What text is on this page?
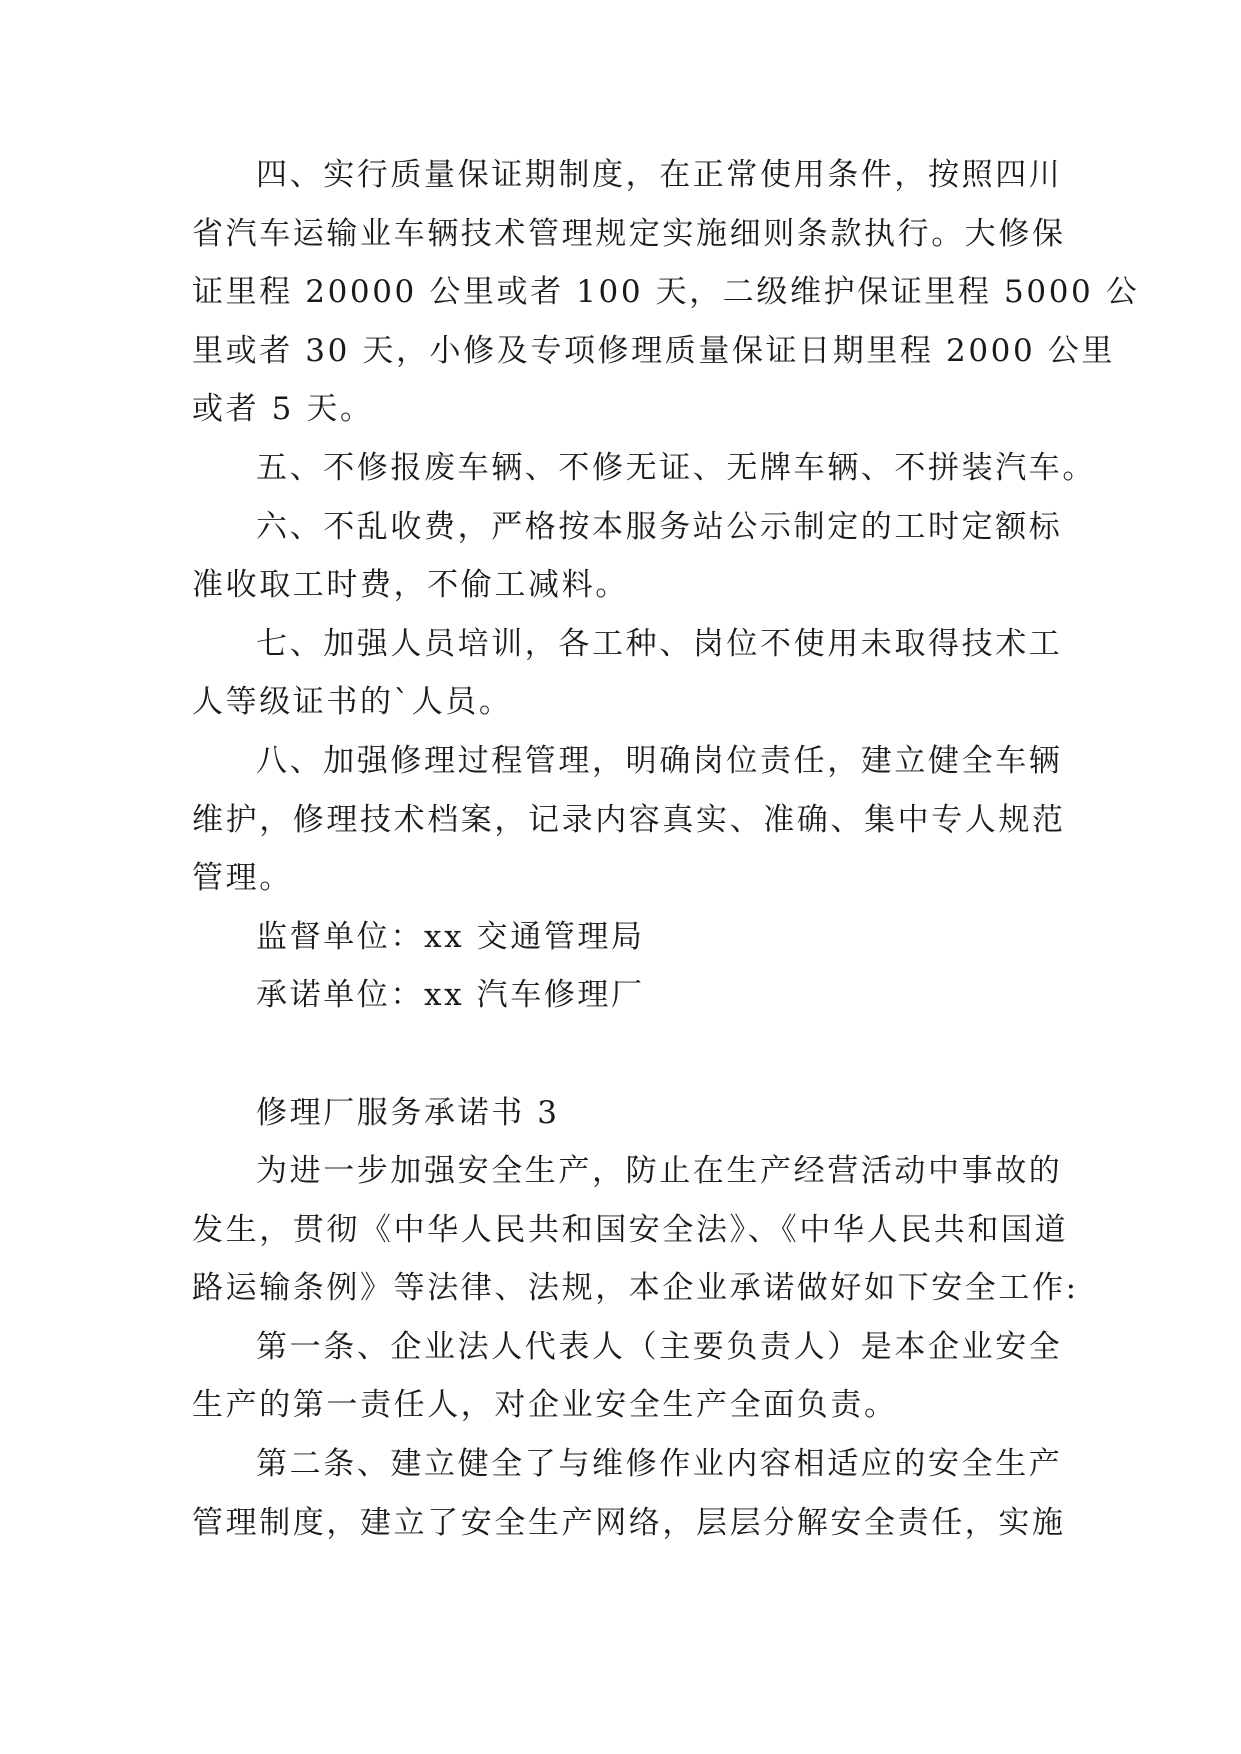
四、实行质量保证期制度，在正常使用条件，按照四川
省汽车运输业车辆技术管理规定实施细则条款执行。大修保
证里程 20000 公里或者 100 天，二级维护保证里程 5000 公
里或者 30 天，小修及专项修理质量保证日期里程 2000 公里
或者 5 天。

五、不修报废车辆、不修无证、无牌车辆、不拼装汽车。

六、不乱收费，严格按本服务站公示制定的工时定额标
准收取工时费，不偷工减料。

七、加强人员培训，各工种、岗位不使用未取得技术工
人等级证书的`人员。

八、加强修理过程管理，明确岗位责任，建立健全车辆
维护，修理技术档案，记录内容真实、准确、集中专人规范
管理。

监督单位：xx 交通管理局

承诺单位：xx 汽车修理厂

修理厂服务承诺书 3

为进一步加强安全生产，防止在生产经营活动中事故的
发生，贯彻《中华人民共和国安全法》、《中华人民共和国道
路运输条例》等法律、法规，本企业承诺做好如下安全工作:

第一条、企业法人代表人（主要负责人）是本企业安全
生产的第一责任人，对企业安全生产全面负责。

第二条、建立健全了与维修作业内容相适应的安全生产
管理制度，建立了安全生产网络，层层分解安全责任，实施
